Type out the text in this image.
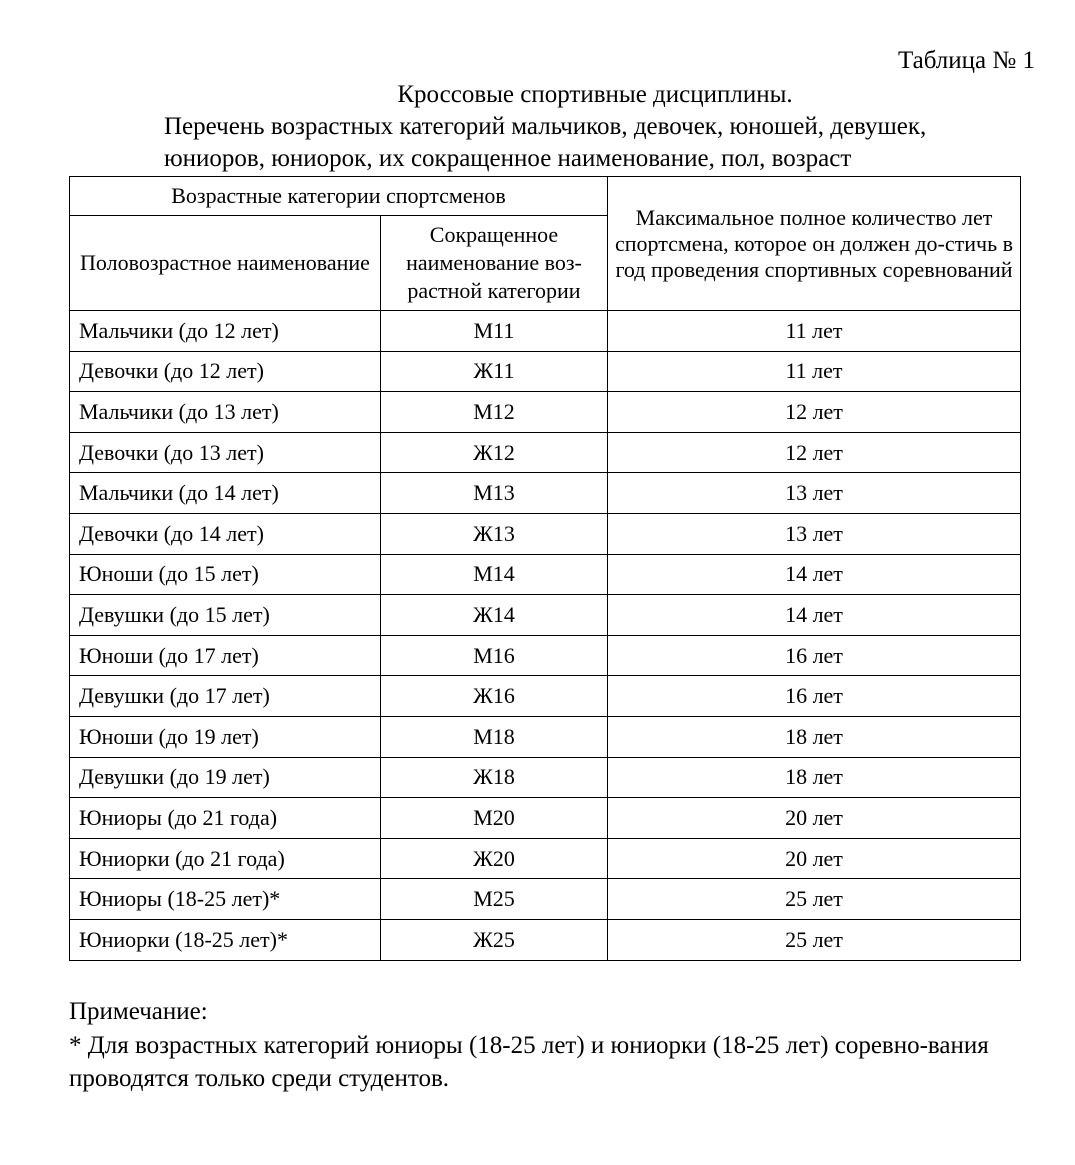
Таблица № 1
Кроссовые спортивные дисциплины.
Перечень возрастных категорий мальчиков, девочек, юношей, девушек,
юниоров, юниорок, их сокращенное наименование, пол, возраст
Возрастные категории спортсменов		Максимальное полное количество лет спортсмена, которое он должен до-стичь в год проведения спортивных соревнований
Половозрастное наименование	Сокращенное наименование воз-растной категории	
Мальчики (до 12 лет)	М11	11 лет
Девочки (до 12 лет)	Ж11	11 лет
Мальчики (до 13 лет)	М12	12 лет
Девочки (до 13 лет)	Ж12	12 лет
Мальчики (до 14 лет)	М13	13 лет
Девочки (до 14 лет)	Ж13	13 лет
Юноши (до 15 лет)	М14	14 лет
Девушки (до 15 лет)	Ж14	14 лет
Юноши (до 17 лет)	М16	16 лет
Девушки (до 17 лет)	Ж16	16 лет
Юноши (до 19 лет)	М18	18 лет
Девушки (до 19 лет)	Ж18	18 лет
Юниоры (до 21 года)	М20	20 лет
Юниорки (до 21 года)	Ж20	20 лет
Юниоры (18-25 лет)*	М25	25 лет
Юниорки (18-25 лет)*	Ж25	25 лет
Примечание:
* Для возрастных категорий юниоры (18-25 лет) и юниорки (18-25 лет) соревно-вания проводятся только среди студентов.
